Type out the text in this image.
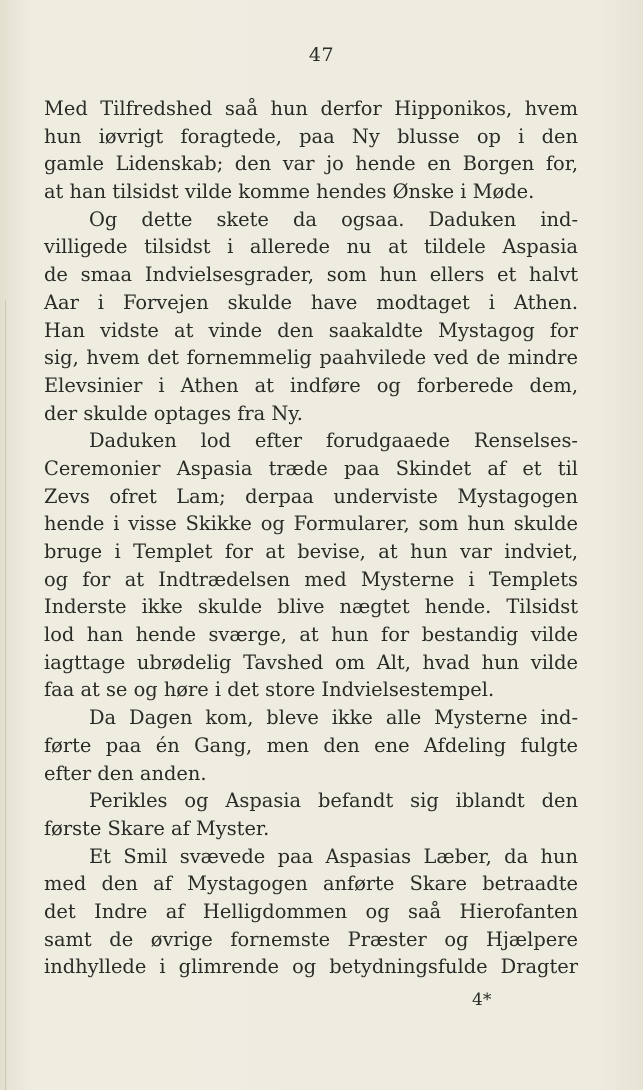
47
Med Tilfredshed saå hun derfor Hipponikos, hvem
hun iøvrigt foragtede, paa Ny blusse op i den
gamle Lidenskab; den var jo hende en Borgen for,
at han tilsidst vilde komme hendes Ønske i Møde.
Og dette skete da ogsaa. Daduken ind-
villigede tilsidst i allerede nu at tildele Aspasia
de smaa Indvielsesgrader, som hun ellers et halvt
Aar i Forvejen skulde have modtaget i Athen.
Han vidste at vinde den saakaldte Mystagog for
sig, hvem det fornemmelig paahvilede ved de mindre
Elevsinier i Athen at indføre og forberede dem,
der skulde optages fra Ny.
Daduken lod efter forudgaaede Renselses-
Ceremonier Aspasia træde paa Skindet af et til
Zevs ofret Lam; derpaa underviste Mystagogen
hende i visse Skikke og Formularer, som hun skulde
bruge i Templet for at bevise, at hun var indviet,
og for at Indtrædelsen med Mysterne i Templets
Inderste ikke skulde blive nægtet hende. Tilsidst
lod han hende sværge, at hun for bestandig vilde
iagttage ubrødelig Tavshed om Alt, hvad hun vilde
faa at se og høre i det store Indvielsestempel.
Da Dagen kom, bleve ikke alle Mysterne ind-
førte paa én Gang, men den ene Afdeling fulgte
efter den anden.
Perikles og Aspasia befandt sig iblandt den
første Skare af Myster.
Et Smil svævede paa Aspasias Læber, da hun
med den af Mystagogen anførte Skare betraadte
det Indre af Helligdommen og saå Hierofanten
samt de øvrige fornemste Præster og Hjælpere
indhyllede i glimrende og betydningsfulde Dragter
4*
